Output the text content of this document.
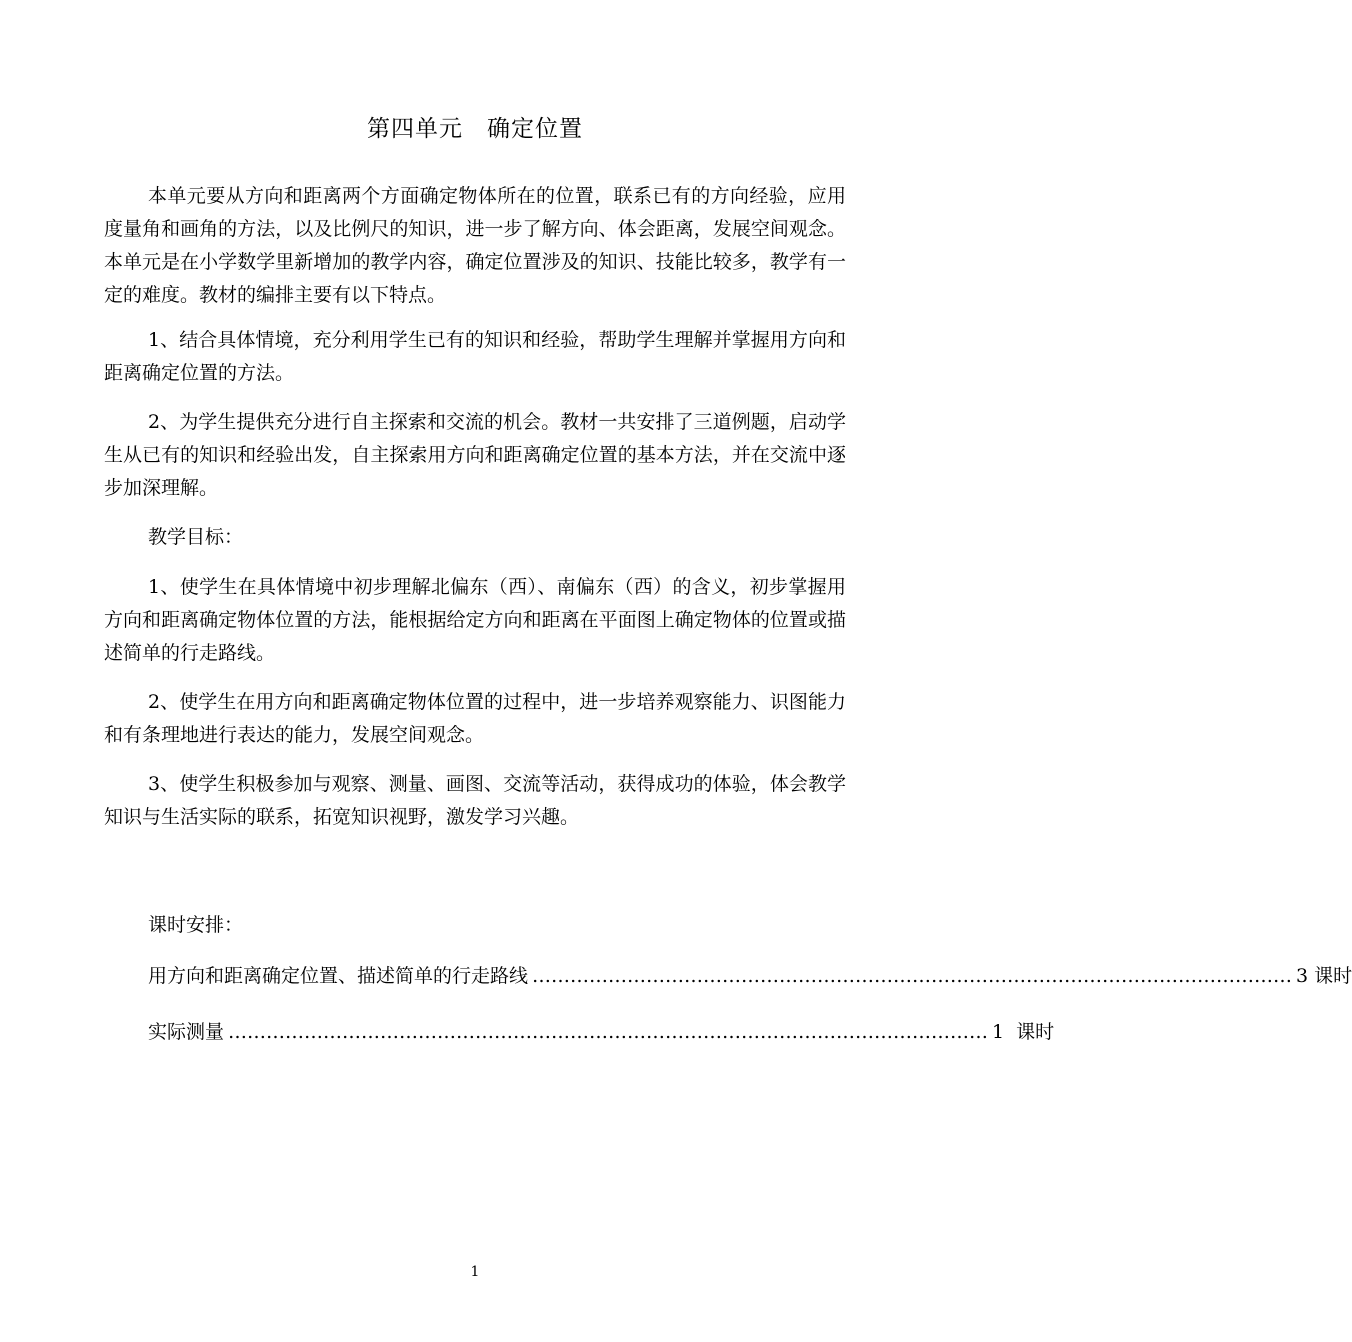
第四单元　确定位置

本单元要从方向和距离两个方面确定物体所在的位置，联系已有的方向经验，应用度量角和画角的方法，以及比例尺的知识，进一步了解方向、体会距离，发展空间观念。本单元是在小学数学里新增加的教学内容，确定位置涉及的知识、技能比较多，教学有一定的难度。教材的编排主要有以下特点。

1、结合具体情境，充分利用学生已有的知识和经验，帮助学生理解并掌握用方向和距离确定位置的方法。

2、为学生提供充分进行自主探索和交流的机会。教材一共安排了三道例题，启动学生从已有的知识和经验出发，自主探索用方向和距离确定位置的基本方法，并在交流中逐步加深理解。

教学目标：

1、使学生在具体情境中初步理解北偏东（西）、南偏东（西）的含义，初步掌握用方向和距离确定物体位置的方法，能根据给定方向和距离在平面图上确定物体的位置或描述简单的行走路线。

2、使学生在用方向和距离确定物体位置的过程中，进一步培养观察能力、识图能力和有条理地进行表达的能力，发展空间观念。

3、使学生积极参加与观察、测量、画图、交流等活动，获得成功的体验，体会教学知识与生活实际的联系，拓宽知识视野，激发学习兴趣。

课时安排：
用方向和距离确定位置、描述简单的行走路线 ………………………………………………………………………………………………………… 3 课时
实际测量 ………………………………………………………………………………………………………… 1  课时
1
